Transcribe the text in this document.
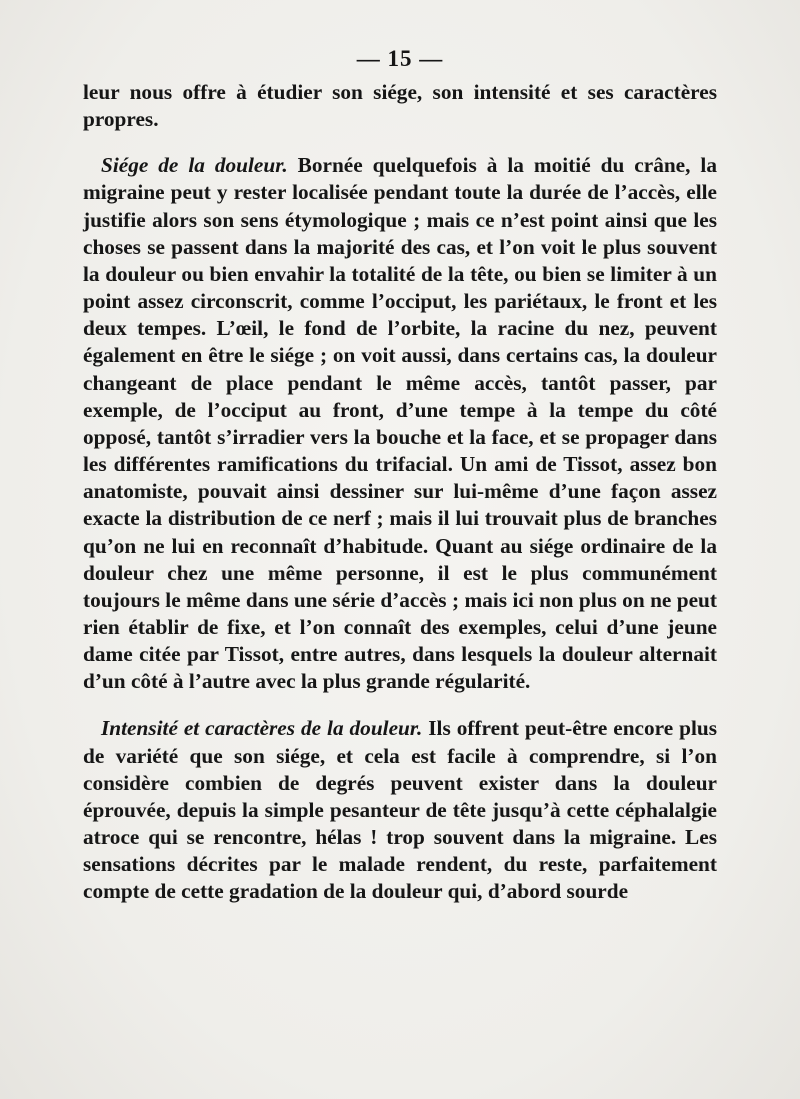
— 15 —

leur nous offre à étudier son siége, son intensité et ses caractères propres.

Siége de la douleur. Bornée quelquefois à la moitié du crâne, la migraine peut y rester localisée pendant toute la durée de l’accès, elle justifie alors son sens étymologique ; mais ce n’est point ainsi que les choses se passent dans la majorité des cas, et l’on voit le plus souvent la douleur ou bien envahir la totalité de la tête, ou bien se limiter à un point assez circonscrit, comme l’occiput, les pariétaux, le front et les deux tempes. L’œil, le fond de l’orbite, la racine du nez, peuvent également en être le siége ; on voit aussi, dans certains cas, la douleur changeant de place pendant le même accès, tantôt passer, par exemple, de l’occiput au front, d’une tempe à la tempe du côté opposé, tantôt s’irradier vers la bouche et la face, et se propager dans les différentes ramifications du trifacial. Un ami de Tissot, assez bon anatomiste, pouvait ainsi dessiner sur lui-même d’une façon assez exacte la distribution de ce nerf ; mais il lui trouvait plus de branches qu’on ne lui en reconnaît d’habitude. Quant au siége ordinaire de la douleur chez une même personne, il est le plus communément toujours le même dans une série d’accès ; mais ici non plus on ne peut rien établir de fixe, et l’on connaît des exemples, celui d’une jeune dame citée par Tissot, entre autres, dans lesquels la douleur alternait d’un côté à l’autre avec la plus grande régularité.

Intensité et caractères de la douleur. Ils offrent peut-être encore plus de variété que son siége, et cela est facile à comprendre, si l’on considère combien de degrés peuvent exister dans la douleur éprouvée, depuis la simple pesanteur de tête jusqu’à cette céphalalgie atroce qui se rencontre, hélas ! trop souvent dans la migraine. Les sensations décrites par le malade rendent, du reste, parfaitement compte de cette gradation de la douleur qui, d’abord sourde
